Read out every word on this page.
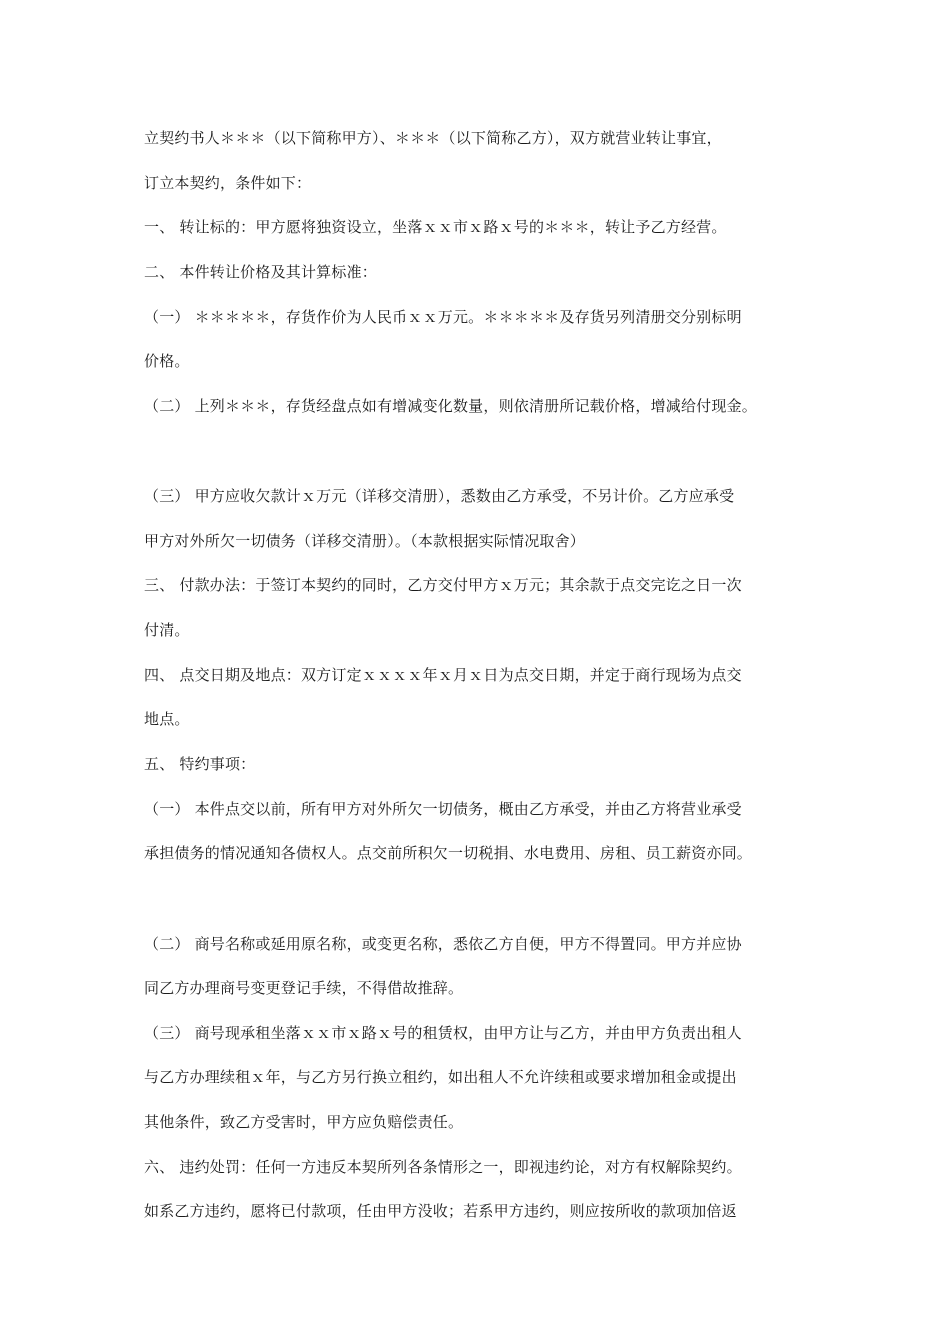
立契约书人＊＊＊（以下简称甲方）、＊＊＊（以下简称乙方），双方就营业转让事宜，
订立本契约，条件如下：
一、 转让标的：甲方愿将独资设立，坐落ｘｘ市ｘ路ｘ号的＊＊＊，转让予乙方经营。
二、 本件转让价格及其计算标准：
（一） ＊＊＊＊＊，存货作价为人民币ｘｘ万元。＊＊＊＊＊及存货另列清册交分别标明
价格。
（二） 上列＊＊＊，存货经盘点如有增减变化数量，则依清册所记载价格，增减给付现金。
（三） 甲方应收欠款计ｘ万元（详移交清册），悉数由乙方承受，不另计价。乙方应承受
甲方对外所欠一切债务（详移交清册）。（本款根据实际情况取舍）
三、 付款办法：于签订本契约的同时，乙方交付甲方ｘ万元；其余款于点交完讫之日一次
付清。
四、 点交日期及地点：双方订定ｘｘｘｘ年ｘ月ｘ日为点交日期，并定于商行现场为点交
地点。
五、 特约事项：
（一） 本件点交以前，所有甲方对外所欠一切债务，概由乙方承受，并由乙方将营业承受
承担债务的情况通知各债权人。点交前所积欠一切税捐、水电费用、房租、员工薪资亦同。
（二） 商号名称或延用原名称，或变更名称，悉依乙方自便，甲方不得置同。甲方并应协
同乙方办理商号变更登记手续，不得借故推辞。
（三） 商号现承租坐落ｘｘ市ｘ路ｘ号的租赁权，由甲方让与乙方，并由甲方负责出租人
与乙方办理续租ｘ年，与乙方另行换立租约，如出租人不允许续租或要求增加租金或提出
其他条件，致乙方受害时，甲方应负赔偿责任。
六、 违约处罚：任何一方违反本契所列各条情形之一，即视违约论，对方有权解除契约。
如系乙方违约，愿将已付款项，任由甲方没收；若系甲方违约，则应按所收的款项加倍返
